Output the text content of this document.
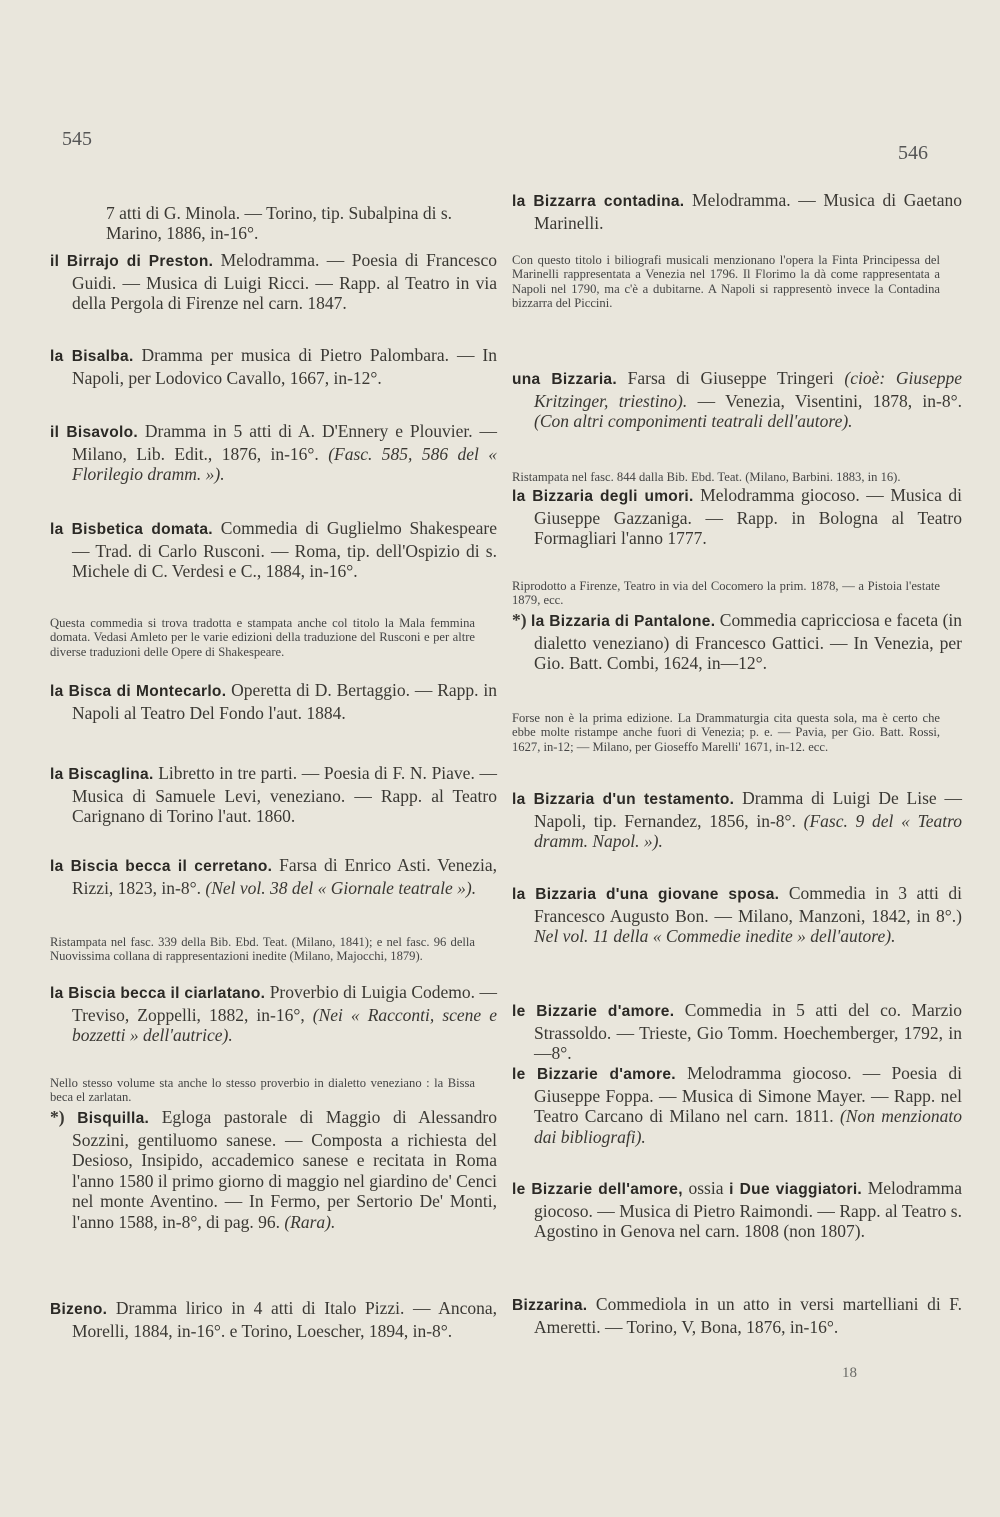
545
546
18

7 atti di G. Minola. — Torino, tip. Subalpina di s. Marino, 1886, in-16°.

il Birrajo di Preston. Melodramma. — Poesia di Francesco Guidi. — Musica di Luigi Ricci. — Rapp. al Teatro in via della Pergola di Firenze nel carn. 1847.

la Bisalba. Dramma per musica di Pietro Palombara. — In Napoli, per Lodovico Cavallo, 1667, in-12°.

il Bisavolo. Dramma in 5 atti di A. D'Ennery e Plouvier. — Milano, Lib. Edit., 1876, in-16°. (Fasc. 585, 586 del « Florilegio dramm. »).

la Bisbetica domata. Commedia di Guglielmo Shakespeare — Trad. di Carlo Rusconi. — Roma, tip. dell'Ospizio di s. Michele di C. Verdesi e C., 1884, in-16°.

Questa commedia si trova tradotta e stampata anche col titolo la Mala femmina domata. Vedasi Amleto per le varie edizioni della traduzione del Rusconi e per altre diverse traduzioni delle Opere di Shakespeare.

la Bisca di Montecarlo. Operetta di D. Bertaggio. — Rapp. in Napoli al Teatro Del Fondo l'aut. 1884.

la Biscaglina. Libretto in tre parti. — Poesia di F. N. Piave. — Musica di Samuele Levi, veneziano. — Rapp. al Teatro Carignano di Torino l'aut. 1860.

la Biscia becca il cerretano. Farsa di Enrico Asti. Venezia, Rizzi, 1823, in-8°. (Nel vol. 38 del « Giornale teatrale »).

Ristampata nel fasc. 339 della Bib. Ebd. Teat. (Milano, 1841); e nel fasc. 96 della Nuovissima collana di rappresentazioni inedite (Milano, Majocchi, 1879).

la Biscia becca il ciarlatano. Proverbio di Luigia Codemo. — Treviso, Zoppelli, 1882, in-16°, (Nei « Racconti, scene e bozzetti » dell'autrice).

Nello stesso volume sta anche lo stesso proverbio in dialetto veneziano : la Bissa beca el zarlatan.

*) Bisquilla. Egloga pastorale di Maggio di Alessandro Sozzini, gentiluomo sanese. — Composta a richiesta del Desioso, Insipido, accademico sanese e recitata in Roma l'anno 1580 il primo giorno di maggio nel giardino de' Cenci nel monte Aventino. — In Fermo, per Sertorio De' Monti, l'anno 1588, in-8°, di pag. 96. (Rara).

Bizeno. Dramma lirico in 4 atti di Italo Pizzi. — Ancona, Morelli, 1884, in-16°. e Torino, Loescher, 1894, in-8°.

la Bizzarra contadina. Melodramma. — Musica di Gaetano Marinelli.

Con questo titolo i biliografi musicali menzionano l'opera la Finta Principessa del Marinelli rappresentata a Venezia nel 1796. Il Florimo la dà come rappresentata a Napoli nel 1790, ma c'è a dubitarne. A Napoli si rappresentò invece la Contadina bizzarra del Piccini.

una Bizzaria. Farsa di Giuseppe Tringeri (cioè: Giuseppe Kritzinger, triestino). — Venezia, Visentini, 1878, in-8°. (Con altri componimenti teatrali dell'autore).

Ristampata nel fasc. 844 dalla Bib. Ebd. Teat. (Milano, Barbini. 1883, in 16).

la Bizzaria degli umori. Melodramma giocoso. — Musica di Giuseppe Gazzaniga. — Rapp. in Bologna al Teatro Formagliari l'anno 1777.

Riprodotto a Firenze, Teatro in via del Cocomero la prim. 1878, — a Pistoia l'estate 1879, ecc.

*) la Bizzaria di Pantalone. Commedia capricciosa e faceta (in dialetto veneziano) di Francesco Gattici. — In Venezia, per Gio. Batt. Combi, 1624, in—12°.

Forse non è la prima edizione. La Drammaturgia cita questa sola, ma è certo che ebbe molte ristampe anche fuori di Venezia; p. e. — Pavia, per Gio. Batt. Rossi, 1627, in-12; — Milano, per Gioseffo Marelli' 1671, in-12. ecc.

la Bizzaria d'un testamento. Dramma di Luigi De Lise — Napoli, tip. Fernandez, 1856, in-8°. (Fasc. 9 del « Teatro dramm. Napol. »).

la Bizzaria d'una giovane sposa. Commedia in 3 atti di Francesco Augusto Bon. — Milano, Manzoni, 1842, in 8°.) Nel vol. 11 della « Commedie inedite » dell'autore).

le Bizzarie d'amore. Commedia in 5 atti del co. Marzio Strassoldo. — Trieste, Gio Tomm. Hoechemberger, 1792, in—8°.

le Bizzarie d'amore. Melodramma giocoso. — Poesia di Giuseppe Foppa. — Musica di Simone Mayer. — Rapp. nel Teatro Carcano di Milano nel carn. 1811. (Non menzionato dai bibliografi).

le Bizzarie dell'amore, ossia i Due viaggiatori. Melodramma giocoso. — Musica di Pietro Raimondi. — Rapp. al Teatro s. Agostino in Genova nel carn. 1808 (non 1807).

Bizzarina. Commediola in un atto in versi martelliani di F. Ameretti. — Torino, V, Bona, 1876, in-16°.
